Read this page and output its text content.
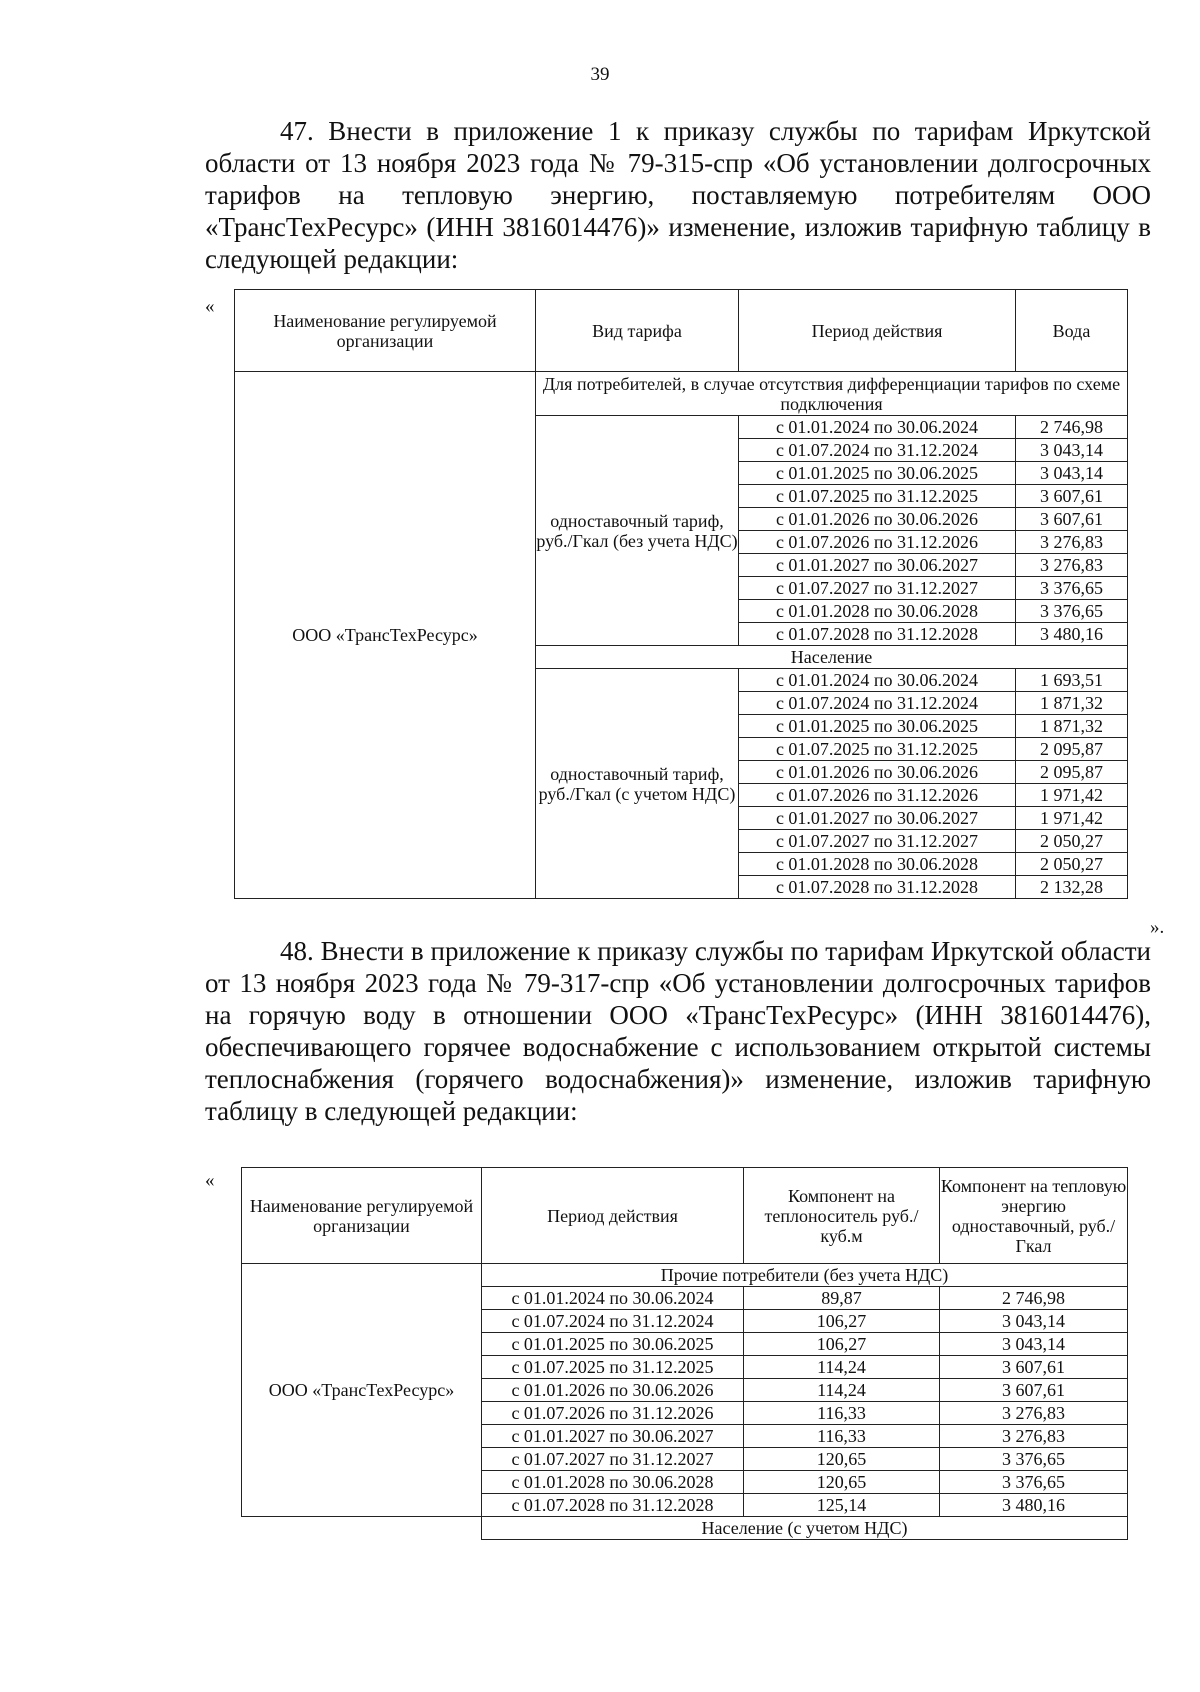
39

47. Внести в приложение 1 к приказу службы по тарифам Иркутской области от 13 ноября 2023 года № 79-315-спр «Об установлении долгосрочных тарифов на тепловую энергию, поставляемую потребителям ООО «ТрансТехРесурс» (ИНН 3816014476)» изменение, изложив тарифную таблицу в следующей редакции:

«
Наименование регулируемой организации	Вид тарифа	Период действия	Вода
ООО «ТрансТехРесурс»	Для потребителей, в случае отсутствия дифференциации тарифов по схеме подключения		
	одноставочный тариф, руб./Гкал (без учета НДС)	с 01.01.2024 по 30.06.2024	2 746,98
		с 01.07.2024 по 31.12.2024	3 043,14
		с 01.01.2025 по 30.06.2025	3 043,14
		с 01.07.2025 по 31.12.2025	3 607,61
		с 01.01.2026 по 30.06.2026	3 607,61
		с 01.07.2026 по 31.12.2026	3 276,83
		с 01.01.2027 по 30.06.2027	3 276,83
		с 01.07.2027 по 31.12.2027	3 376,65
		с 01.01.2028 по 30.06.2028	3 376,65
		с 01.07.2028 по 31.12.2028	3 480,16
	Население		
	одноставочный тариф, руб./Гкал (с учетом НДС)	с 01.01.2024 по 30.06.2024	1 693,51
		с 01.07.2024 по 31.12.2024	1 871,32
		с 01.01.2025 по 30.06.2025	1 871,32
		с 01.07.2025 по 31.12.2025	2 095,87
		с 01.01.2026 по 30.06.2026	2 095,87
		с 01.07.2026 по 31.12.2026	1 971,42
		с 01.01.2027 по 30.06.2027	1 971,42
		с 01.07.2027 по 31.12.2027	2 050,27
		с 01.01.2028 по 30.06.2028	2 050,27
		с 01.07.2028 по 31.12.2028	2 132,28
».

48. Внести в приложение к приказу службы по тарифам Иркутской области от 13 ноября 2023 года № 79-317-спр «Об установлении долгосрочных тарифов на горячую воду в отношении ООО «ТрансТехРесурс» (ИНН 3816014476), обеспечивающего горячее водоснабжение с использованием открытой системы теплоснабжения (горячего водоснабжения)» изменение, изложив тарифную таблицу в следующей редакции:

«
Наименование регулируемой организации	Период действия	Компонент на теплоноситель руб./куб.м	Компонент на тепловую энергию одноставочный, руб./Гкал
ООО «ТрансТехРесурс»	Прочие потребители (без учета НДС)		
	с 01.01.2024 по 30.06.2024	89,87	2 746,98
	с 01.07.2024 по 31.12.2024	106,27	3 043,14
	с 01.01.2025 по 30.06.2025	106,27	3 043,14
	с 01.07.2025 по 31.12.2025	114,24	3 607,61
	с 01.01.2026 по 30.06.2026	114,24	3 607,61
	с 01.07.2026 по 31.12.2026	116,33	3 276,83
	с 01.01.2027 по 30.06.2027	116,33	3 276,83
	с 01.07.2027 по 31.12.2027	120,65	3 376,65
	с 01.01.2028 по 30.06.2028	120,65	3 376,65
	с 01.07.2028 по 31.12.2028	125,14	3 480,16
	Население (с учетом НДС)		
